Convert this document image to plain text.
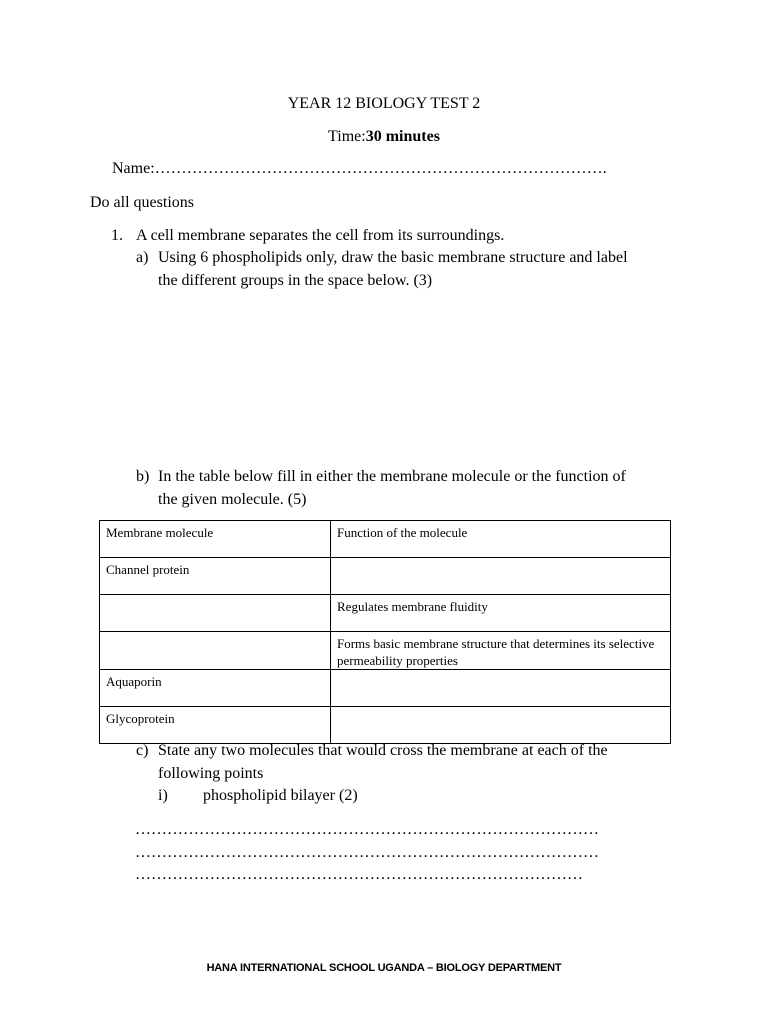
YEAR 12 BIOLOGY TEST 2
Time:30 minutes
Name:………………………………………………………………………….
Do all questions
1. A cell membrane separates the cell from its surroundings.
a) Using 6 phospholipids only, draw the basic membrane structure and label
the different groups in the space below. (3)
b) In the table below fill in either the membrane molecule or the function of
the given molecule. (5)
Membrane molecule	Function of the molecule
Channel protein	
	Regulates membrane fluidity
	Forms basic membrane structure that determines its selective permeability properties
Aquaporin	
Glycoprotein	
c) State any two molecules that would cross the membrane at each of the
following points
i) phospholipid bilayer (2)
……………………………………………………………………………
……………………………………………………………………………
…………………………………………………………………………
HANA INTERNATIONAL SCHOOL UGANDA – BIOLOGY DEPARTMENT
